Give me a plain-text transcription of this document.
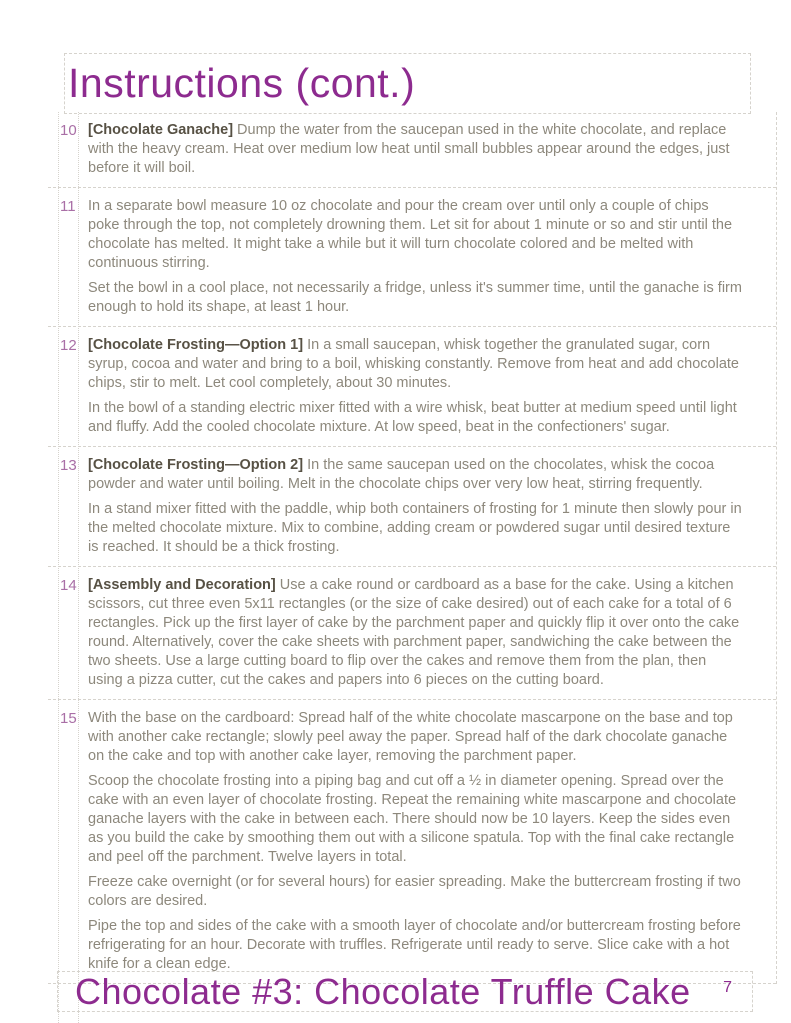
Instructions (cont.)
10 [Chocolate Ganache] Dump the water from the saucepan used in the white chocolate, and replace with the heavy cream. Heat over medium low heat until small bubbles appear around the edges, just before it will boil.

11 In a separate bowl measure 10 oz chocolate and pour the cream over until only a couple of chips poke through the top, not completely drowning them. Let sit for about 1 minute or so and stir until the chocolate has melted. It might take a while but it will turn chocolate colored and be melted with continuous stirring.

Set the bowl in a cool place, not necessarily a fridge, unless it's summer time, until the ganache is firm enough to hold its shape, at least 1 hour.

12 [Chocolate Frosting—Option 1] In a small saucepan, whisk together the granulated sugar, corn syrup, cocoa and water and bring to a boil, whisking constantly. Remove from heat and add chocolate chips, stir to melt. Let cool completely, about 30 minutes.

In the bowl of a standing electric mixer fitted with a wire whisk, beat butter at medium speed until light and fluffy. Add the cooled chocolate mixture. At low speed, beat in the confectioners' sugar.

13 [Chocolate Frosting—Option 2] In the same saucepan used on the chocolates, whisk the cocoa powder and water until boiling. Melt in the chocolate chips over very low heat, stirring frequently.

In a stand mixer fitted with the paddle, whip both containers of frosting for 1 minute then slowly pour in the melted chocolate mixture. Mix to combine, adding cream or powdered sugar until desired texture is reached. It should be a thick frosting.

14 [Assembly and Decoration] Use a cake round or cardboard as a base for the cake. Using a kitchen scissors, cut three even 5x11 rectangles (or the size of cake desired) out of each cake for a total of 6 rectangles. Pick up the first layer of cake by the parchment paper and quickly flip it over onto the cake round. Alternatively, cover the cake sheets with parchment paper, sandwiching the cake between the two sheets. Use a large cutting board to flip over the cakes and remove them from the plan, then using a pizza cutter, cut the cakes and papers into 6 pieces on the cutting board.

15 With the base on the cardboard: Spread half of the white chocolate mascarpone on the base and top with another cake rectangle; slowly peel away the paper. Spread half of the dark chocolate ganache on the cake and top with another cake layer, removing the parchment paper.

Scoop the chocolate frosting into a piping bag and cut off a ½ in diameter opening. Spread over the cake with an even layer of chocolate frosting. Repeat the remaining white mascarpone and chocolate ganache layers with the cake in between each. There should now be 10 layers. Keep the sides even as you build the cake by smoothing them out with a silicone spatula. Top with the final cake rectangle and peel off the parchment. Twelve layers in total.

Freeze cake overnight (or for several hours) for easier spreading. Make the buttercream frosting if two colors are desired.

Pipe the top and sides of the cake with a smooth layer of chocolate and/or buttercream frosting before refrigerating for an hour. Decorate with truffles. Refrigerate until ready to serve. Slice cake with a hot knife for a clean edge.

Chocolate #3: Chocolate Truffle Cake 7
